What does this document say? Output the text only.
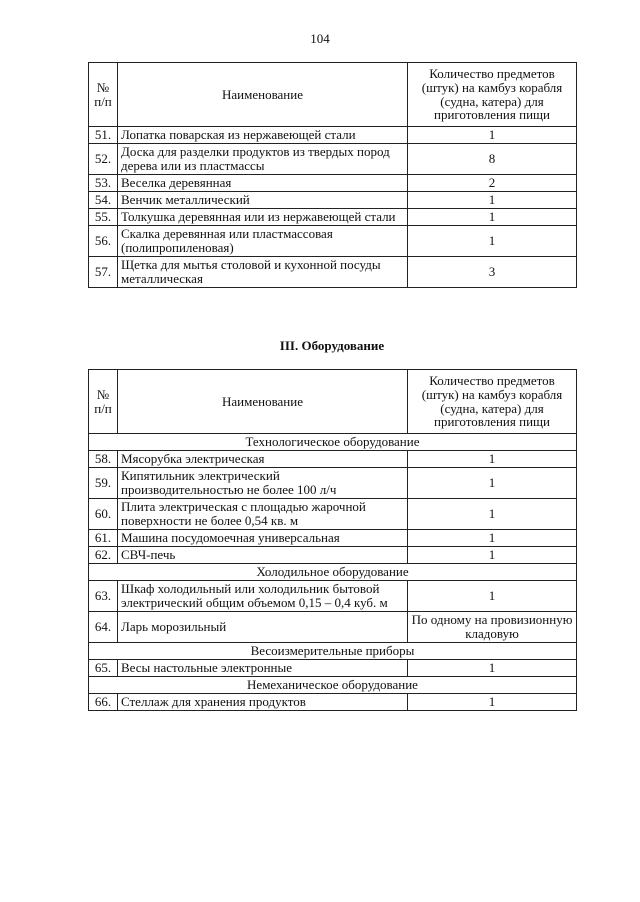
104
№ п/п	Наименование	Количество предметов (штук) на камбуз корабля (судна, катера) для приготовления пищи
51.	Лопатка поварская из нержавеющей стали	1
52.	Доска для разделки продуктов из твердых пород дерева или из пластмассы	8
53.	Веселка деревянная	2
54.	Венчик металлический	1
55.	Толкушка деревянная или из нержавеющей стали	1
56.	Скалка деревянная или пластмассовая (полипропиленовая)	1
57.	Щетка для мытья столовой и кухонной посуды металлическая	3
III. Оборудование
№ п/п	Наименование	Количество предметов (штук) на камбуз корабля (судна, катера) для приготовления пищи
Технологическое оборудование		
58.	Мясорубка электрическая	1
59.	Кипятильник электрический производительностью не более 100 л/ч	1
60.	Плита электрическая с площадью жарочной поверхности не более 0,54 кв. м	1
61.	Машина посудомоечная универсальная	1
62.	СВЧ-печь	1
Холодильное оборудование		
63.	Шкаф холодильный или холодильник бытовой электрический общим объемом 0,15 – 0,4 куб. м	1
64.	Ларь морозильный	По одному на провизионную кладовую
Весоизмерительные приборы		
65.	Весы настольные электронные	1
Немеханическое оборудование		
66.	Стеллаж для хранения продуктов	1
